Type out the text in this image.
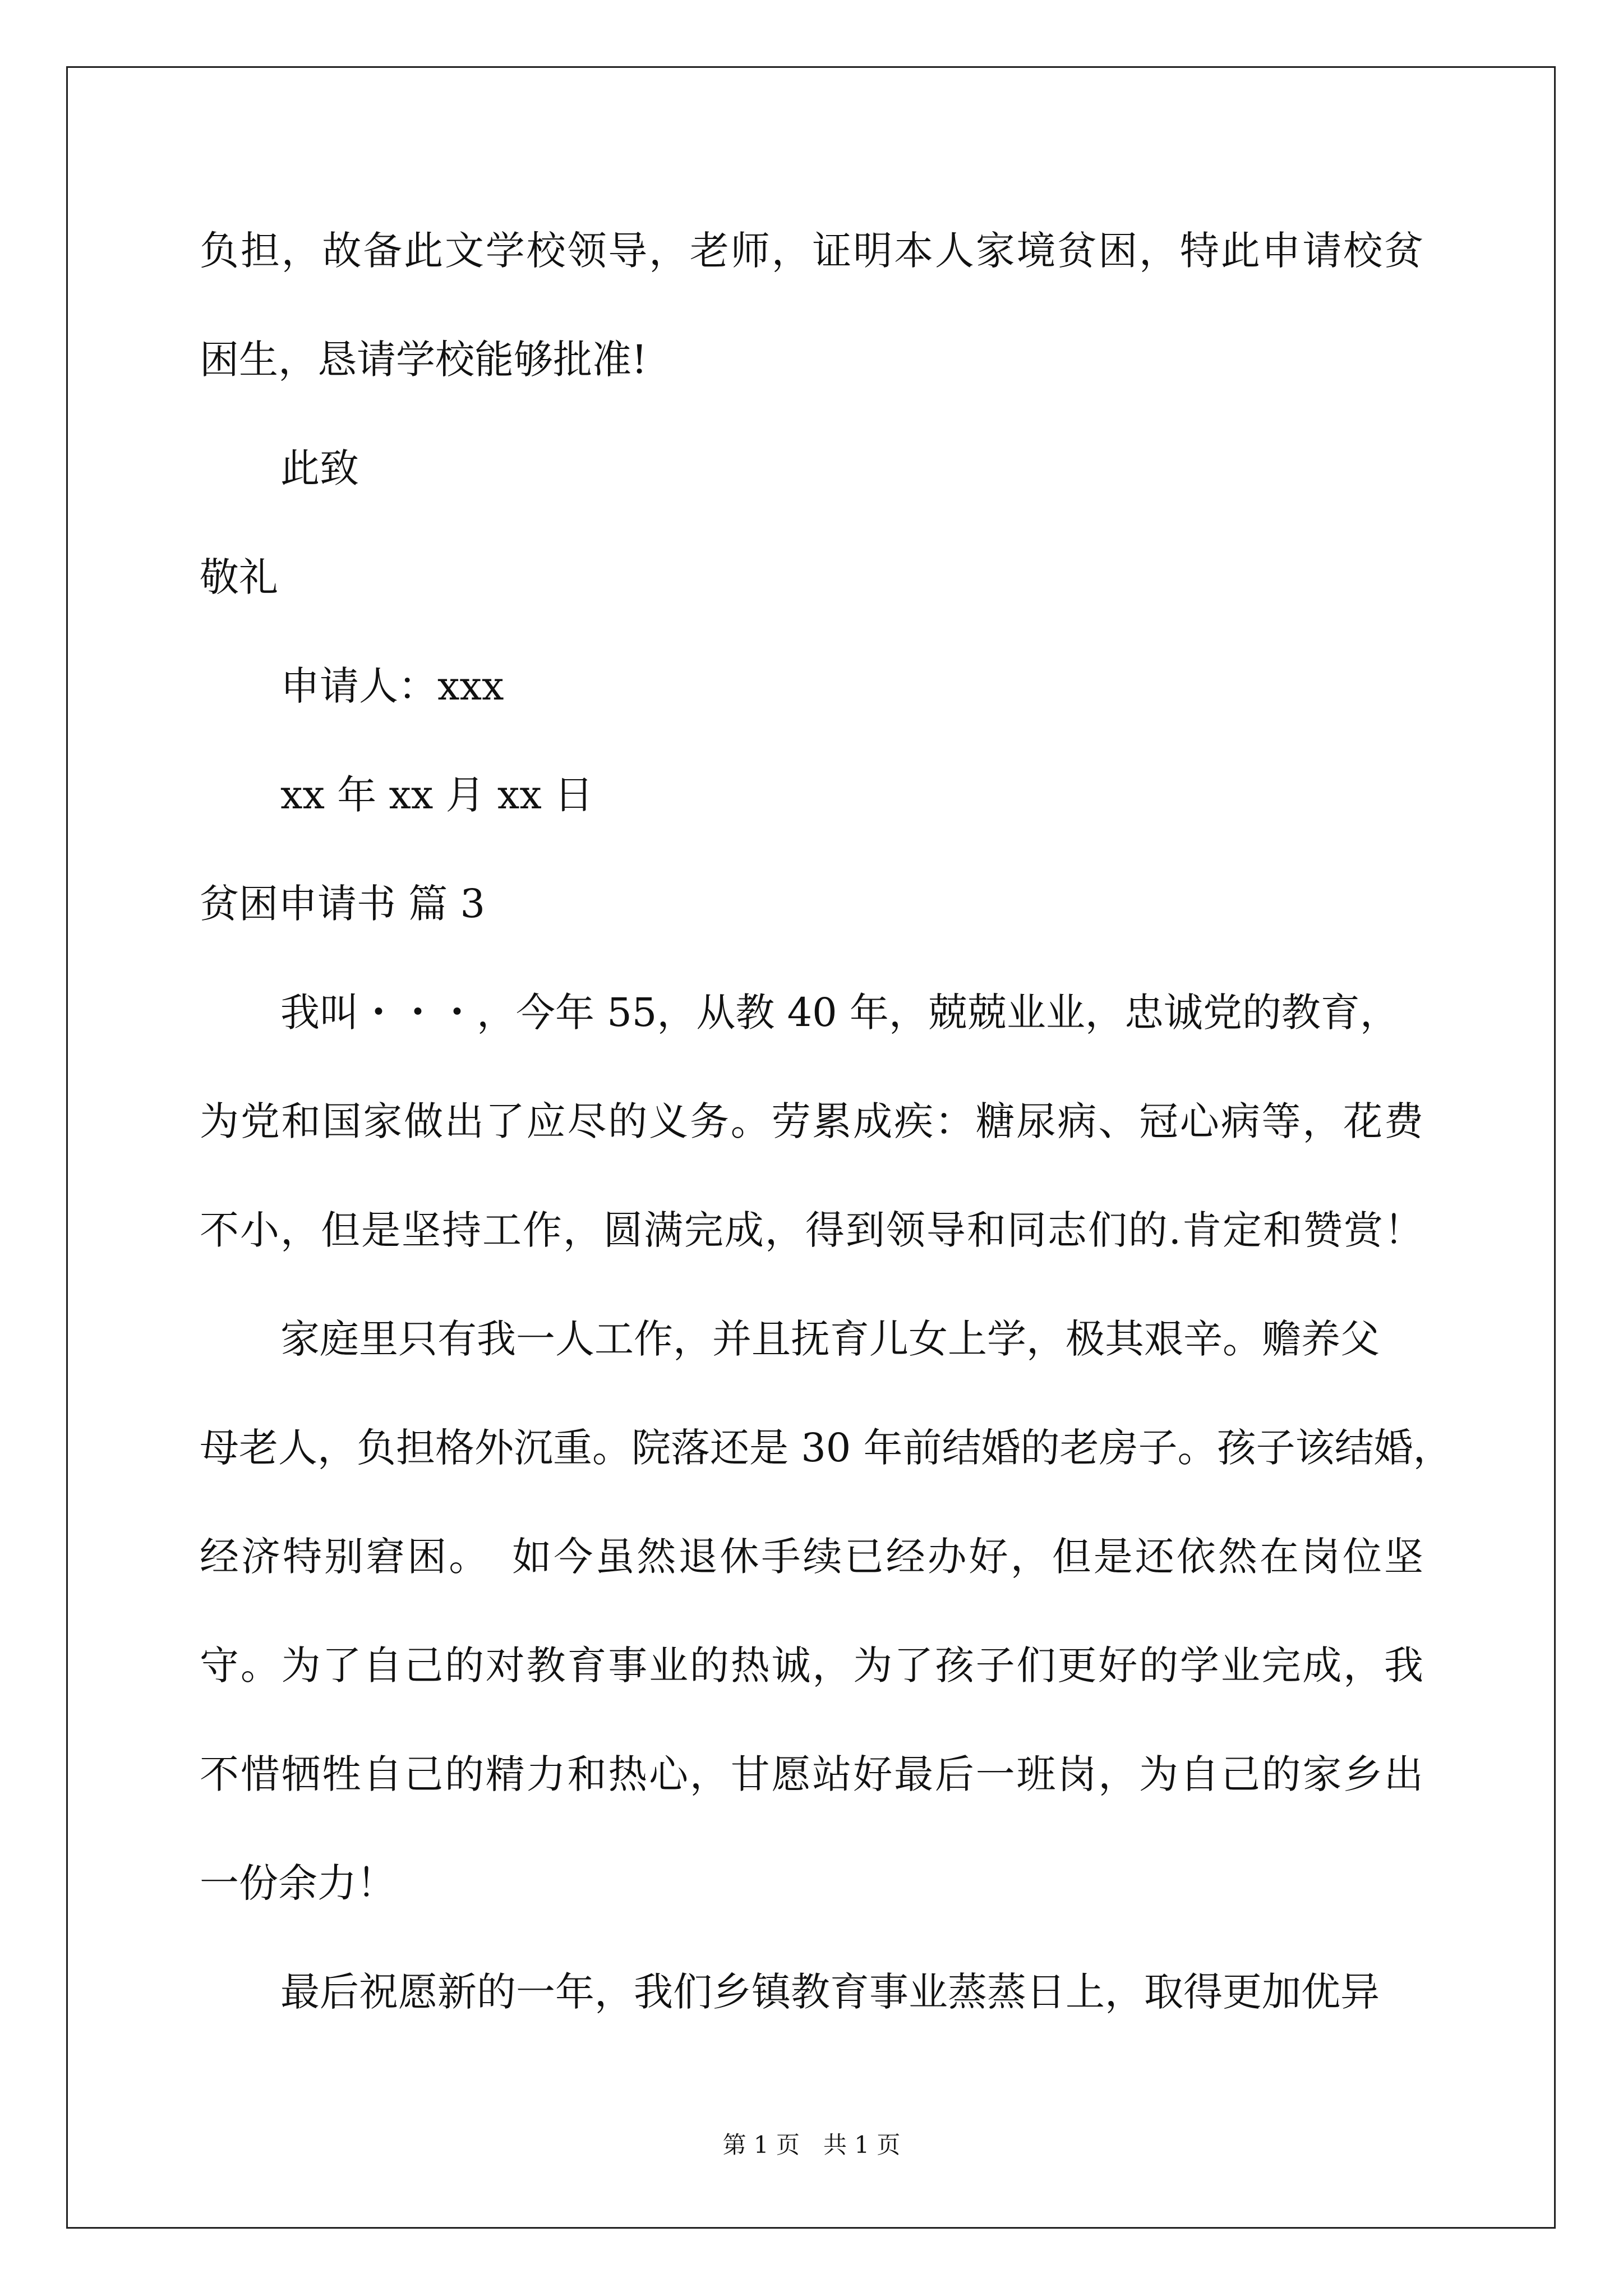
负担，故备此文学校领导，老师，证明本人家境贫困，特此申请校贫
困生，恳请学校能够批准!
此致
敬礼
申请人：xxx
xx 年 xx 月 xx 日
贫困申请书 篇 3
我叫・・・，今年 55，从教 40 年，兢兢业业，忠诚党的教育，
为党和国家做出了应尽的义务。劳累成疾：糖尿病、冠心病等，花费
不小，但是坚持工作，圆满完成，得到领导和同志们的.肯定和赞赏！
家庭里只有我一人工作，并且抚育儿女上学，极其艰辛。赡养父
母老人，负担格外沉重。院落还是 30 年前结婚的老房子。孩子该结婚，
经济特别窘困。　如今虽然退休手续已经办好，但是还依然在岗位坚
守。为了自己的对教育事业的热诚，为了孩子们更好的学业完成，我
不惜牺牲自己的精力和热心，甘愿站好最后一班岗，为自己的家乡出
一份余力！
最后祝愿新的一年，我们乡镇教育事业蒸蒸日上，取得更加优异
第 1 页　共 1 页
